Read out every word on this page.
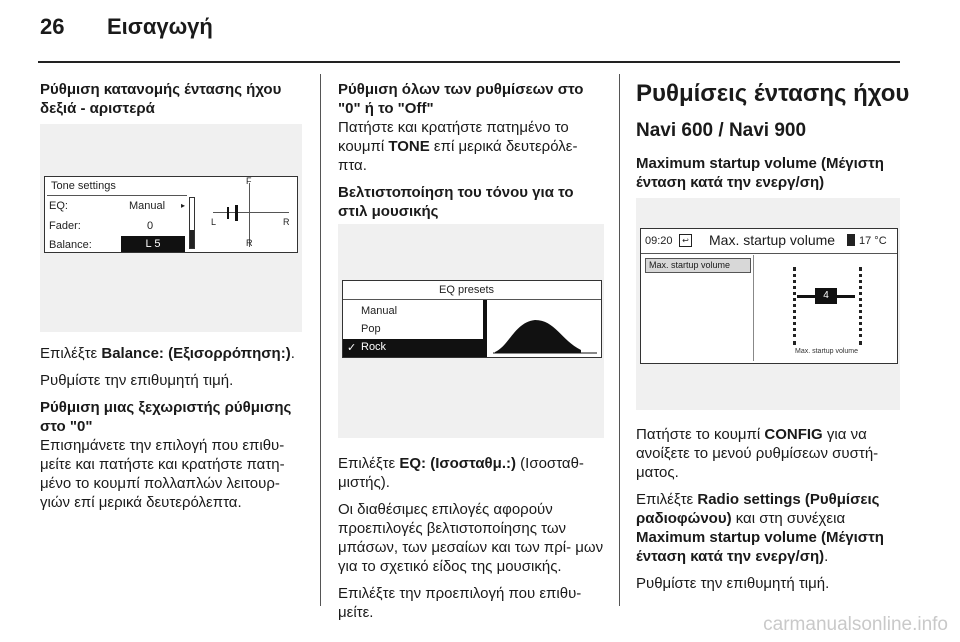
26 Εισαγωγή

Ρύθμιση κατανομής έντασης ήχου δεξιά - αριστερά

Tone settings
EQ:	Manual ▸
Fader:	0
Balance:	L 5
F
R
L	R

Επιλέξτε Balance: (Εξισορρόπηση:).

Ρυθμίστε την επιθυμητή τιμή.

Ρύθμιση μιας ξεχωριστής ρύθμισης στο "0"

Επισημάνετε την επιλογή που επιθυ- μείτε και πατήστε και κρατήστε πατη- μένο το κουμπί πολλαπλών λειτουρ- γιών επί μερικά δευτερόλεπτα.

Ρύθμιση όλων των ρυθμίσεων στο "0" ή το "Off"

Πατήστε και κρατήστε πατημένο το κουμπί TONE επί μερικά δευτερόλε- πτα.

Βελτιστοποίηση του τόνου για το στιλ μουσικής

EQ presets
Manual
Pop
✓ Rock

Επιλέξτε EQ: (Ισοσταθμ.:) (Ισοσταθ- μιστής).

Οι διαθέσιμες επιλογές αφορούν προεπιλογές βελτιστοποίησης των μπάσων, των μεσαίων και των πρί- μων για το σχετικό είδος της μουσικής.

Επιλέξτε την προεπιλογή που επιθυ- μείτε.

Ρυθμίσεις έντασης ήχου
Navi 600 / Navi 900
Maximum startup volume (Μέγιστη ένταση κατά την ενεργ/ση)
09:20	↩ Max. startup volume 17 °C
Max. startup volume
4
Max. startup volume

Πατήστε το κουμπί CONFIG για να ανοίξετε το μενού ρυθμίσεων συστή- ματος.

Επιλέξτε Radio settings (Ρυθμίσεις ραδιοφώνου) και στη συνέχεια Maximum startup volume (Μέγιστη ένταση κατά την ενεργ/ση).

Ρυθμίστε την επιθυμητή τιμή.

carmanualsonline.info
